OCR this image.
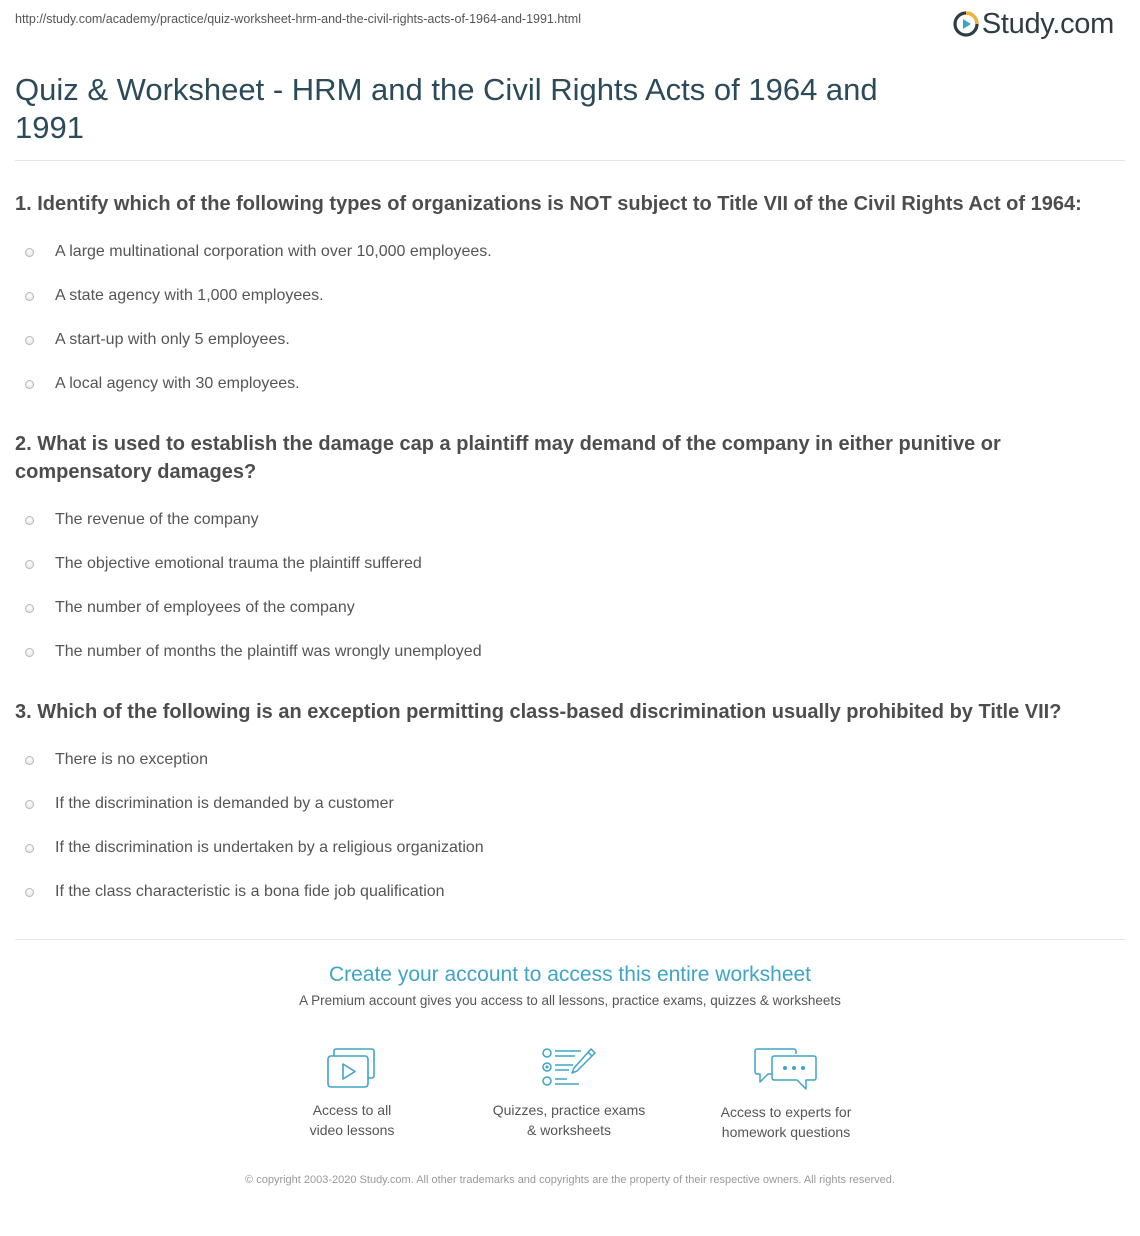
http://study.com/academy/practice/quiz-worksheet-hrm-and-the-civil-rights-acts-of-1964-and-1991.html	Study.com
Quiz & Worksheet - HRM and the Civil Rights Acts of 1964 and 1991

1. Identify which of the following types of organizations is NOT subject to Title VII of the Civil Rights Act of 1964:

A large multinational corporation with over 10,000 employees.
A state agency with 1,000 employees.
A start-up with only 5 employees.
A local agency with 30 employees.

2. What is used to establish the damage cap a plaintiff may demand of the company in either punitive or compensatory damages?

The revenue of the company
The objective emotional trauma the plaintiff suffered
The number of employees of the company
The number of months the plaintiff was wrongly unemployed

3. Which of the following is an exception permitting class-based discrimination usually prohibited by Title VII?

There is no exception
If the discrimination is demanded by a customer
If the discrimination is undertaken by a religious organization
If the class characteristic is a bona fide job qualification
Create your account to access this entire worksheet

A Premium account gives you access to all lessons, practice exams, quizzes & worksheets

Access to all
video lessons
Quizzes, practice exams
& worksheets
Access to experts for
homework questions
© copyright 2003-2020 Study.com. All other trademarks and copyrights are the property of their respective owners. All rights reserved.
